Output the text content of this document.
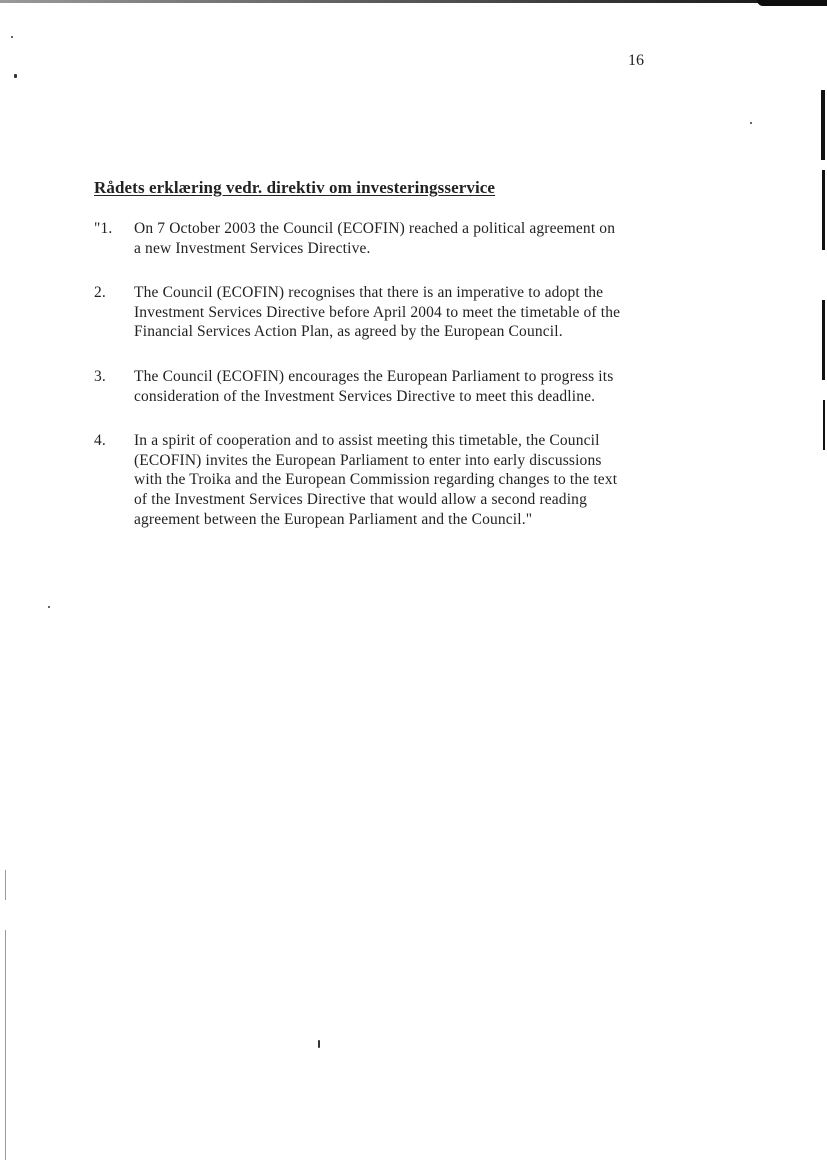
16

Rådets erklæring vedr. direktiv om investeringsservice
"1. On 7 October 2003 the Council (ECOFIN) reached a political agreement on a new Investment Services Directive.
2. The Council (ECOFIN) recognises that there is an imperative to adopt the Investment Services Directive before April 2004 to meet the timetable of the Financial Services Action Plan, as agreed by the European Council.
3. The Council (ECOFIN) encourages the European Parliament to progress its consideration of the Investment Services Directive to meet this deadline.
4. In a spirit of cooperation and to assist meeting this timetable, the Council (ECOFIN) invites the European Parliament to enter into early discussions with the Troika and the European Commission regarding changes to the text of the Investment Services Directive that would allow a second reading agreement between the European Parliament and the Council."
